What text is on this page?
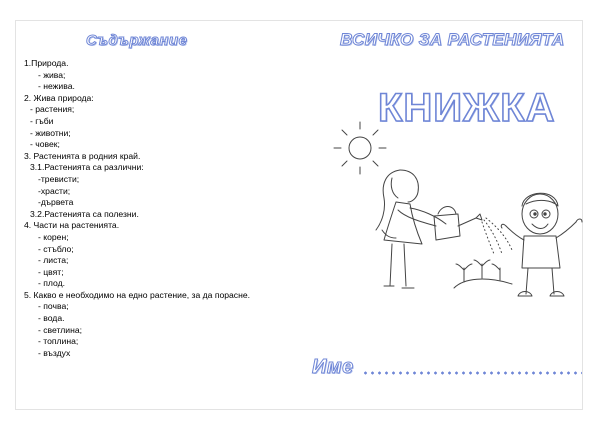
Съдържание
1.Природа.
- жива;
- нежива.
2. Жива природа:
- растения;
- гъби
- животни;
- човек;
3. Растенията в родния край.
3.1.Растенията са различни:
-тревисти;
-храсти;
-дървета
3.2.Растенията са полезни.
4. Части на растенията.
- корен;
- стъбло;
- листа;
- цвят;
- плод.
5. Какво е необходимо на едно растение, за да порасне.
- почва;
- вода.
- светлина;
- топлина;
- въздух
ВСИЧКО ЗА РАСТЕНИЯТА
КНИЖКА
Име
